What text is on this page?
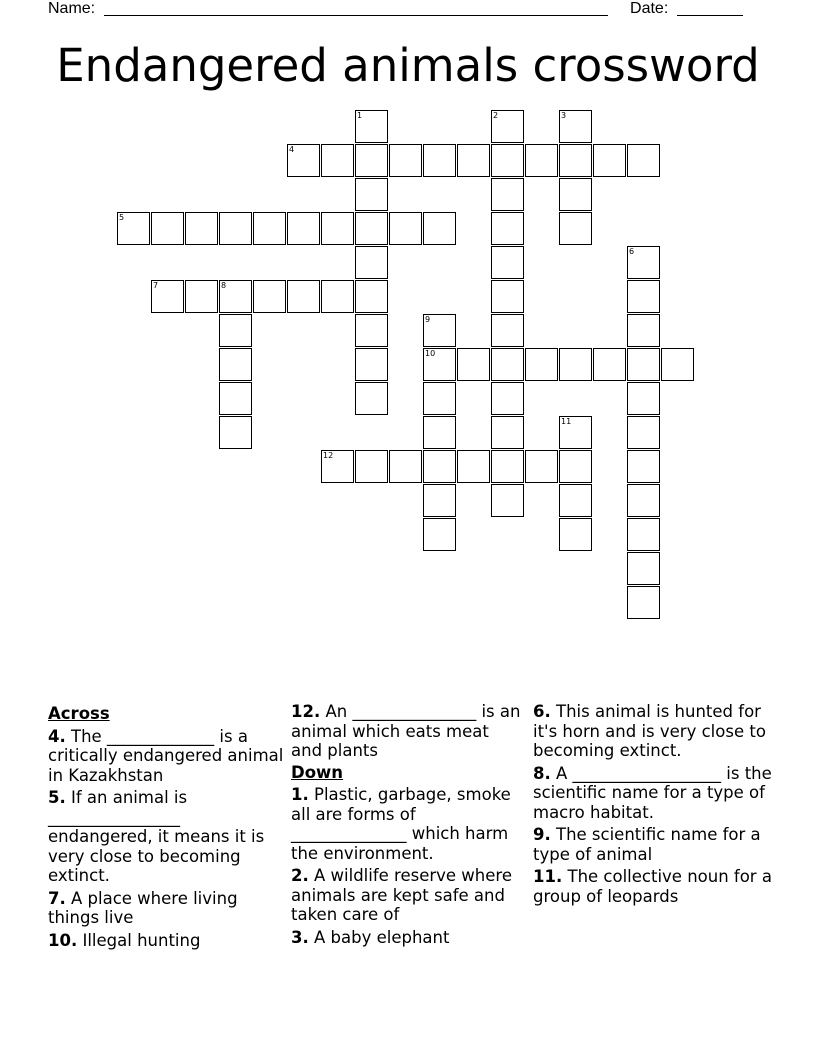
Name:	Date:
Endangered animals crossword
1	2	3
4
5
6
7	8
9
10
11
12
Across
4. The _____________ is a critically endangered animal in Kazakhstan
5. If an animal is ________________ endangered, it means it is very close to becoming extinct.
7. A place where living things live
10. Illegal hunting
12. An _______________ is an animal which eats meat and plants
Down
1. Plastic, garbage, smoke all are forms of ______________ which harm the environment.
2. A wildlife reserve where animals are kept safe and taken care of
3. A baby elephant
6. This animal is hunted for it's horn and is very close to becoming extinct.
8. A __________________ is the scientific name for a type of macro habitat.
9. The scientific name for a type of animal
11. The collective noun for a group of leopards
